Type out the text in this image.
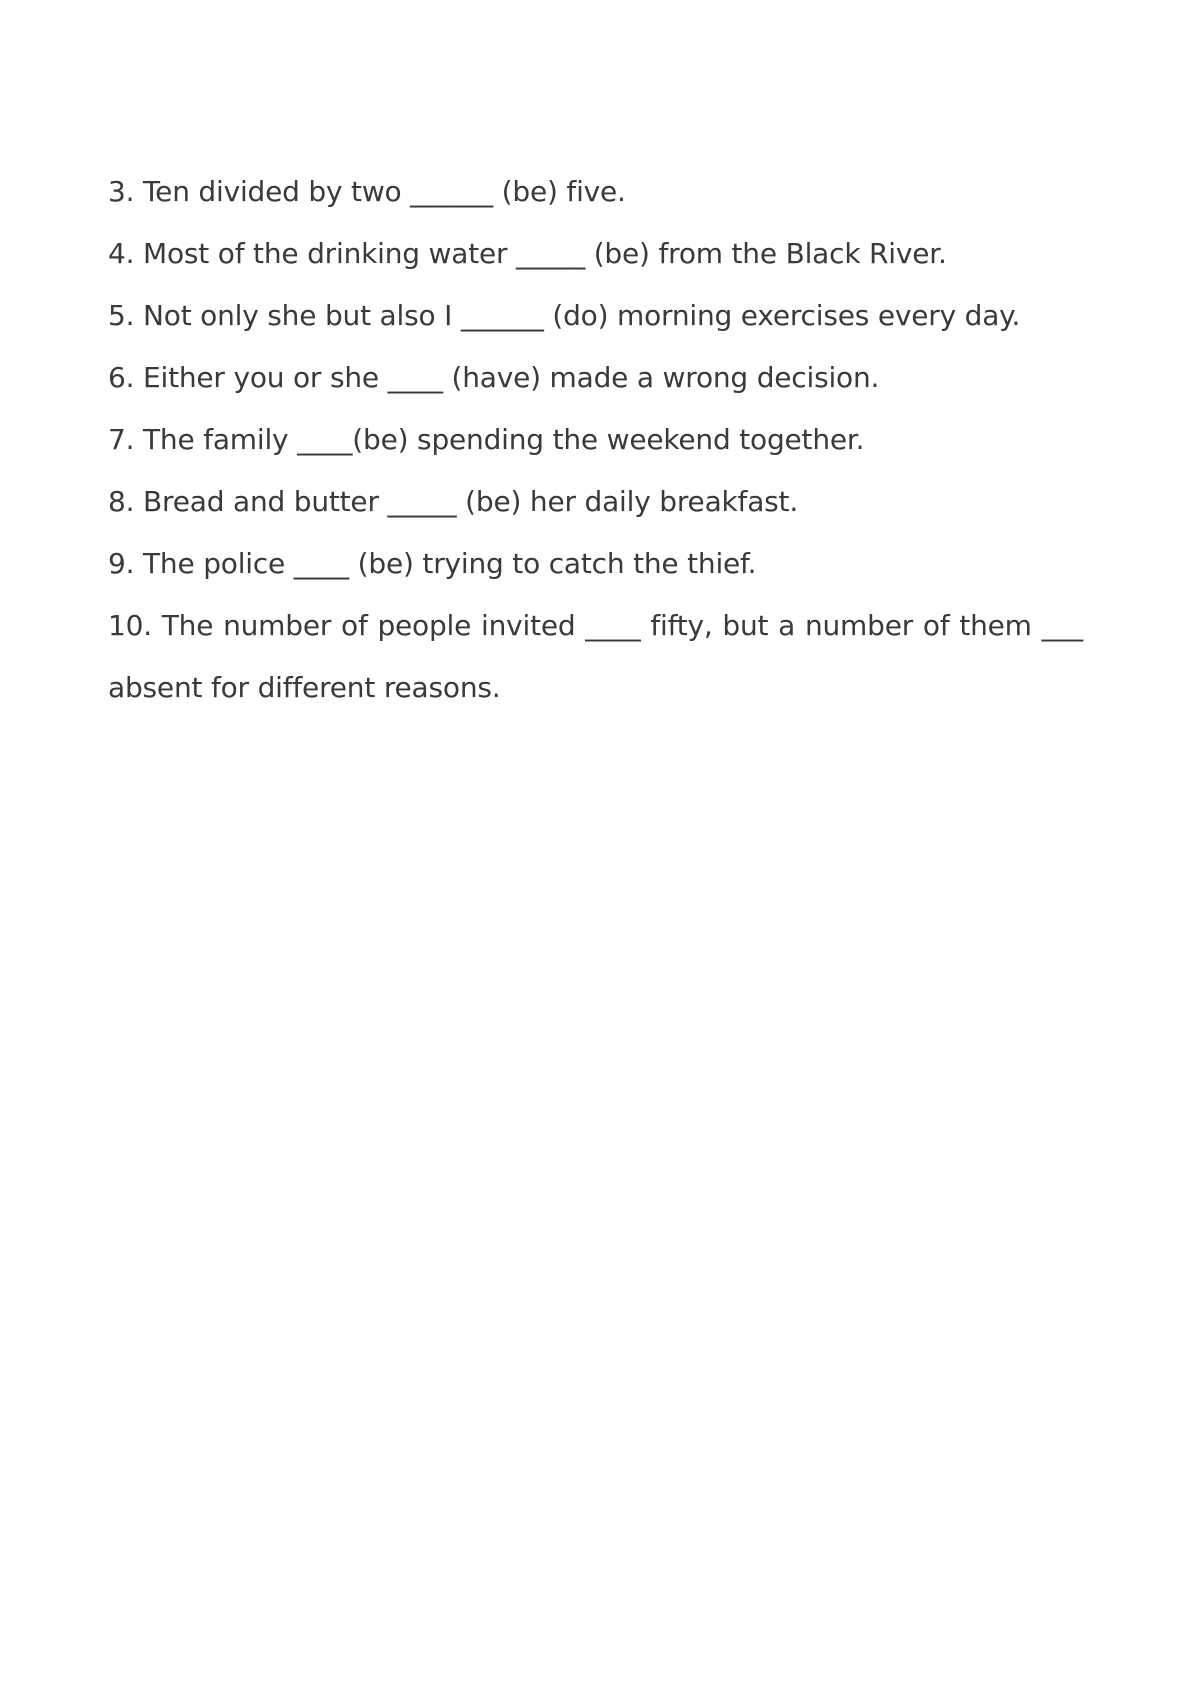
3. Ten divided by two ______ (be) five.
4. Most of the drinking water _____ (be) from the Black River.
5. Not only she but also I ______ (do) morning exercises every day.
6. Either you or she ____ (have) made a wrong decision.
7. The family ____(be) spending the weekend together.
8. Bread and butter _____ (be) her daily breakfast.
9. The police ____ (be) trying to catch the thief.
10. The number of people invited ____ fifty, but a number of them ___ absent for different reasons.
